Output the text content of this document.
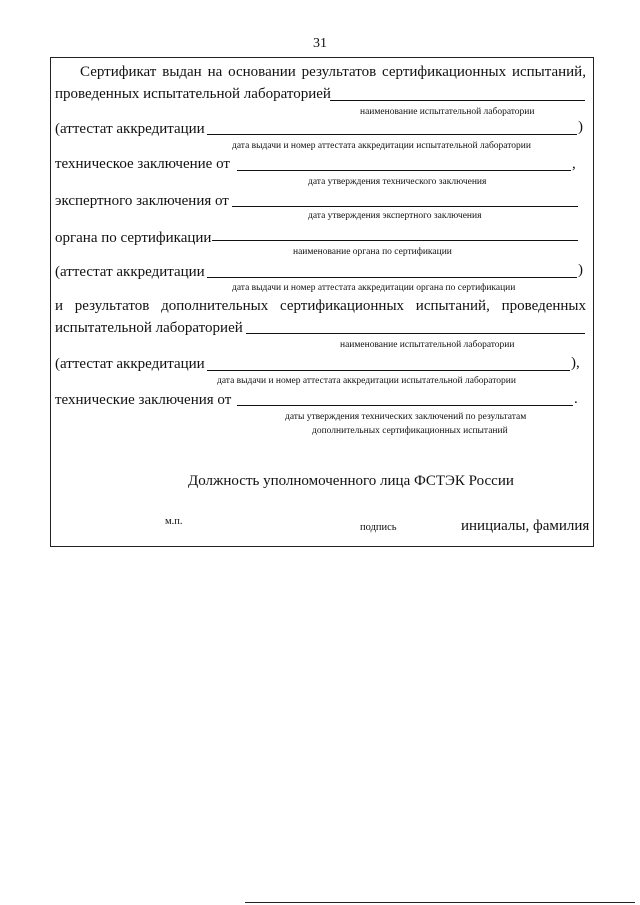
31
Сертификат выдан на основании результатов сертификационных испытаний,
проведенных испытательной лабораторией
наименование испытательной лаборатории
(аттестат аккредитации	)
дата выдачи и номер аттестата аккредитации испытательной лаборатории
техническое заключение от	,
дата утверждения технического заключения
экспертного заключения от
дата утверждения экспертного заключения
органа по сертификации
наименование органа по сертификации
(аттестат аккредитации	)
дата выдачи и номер аттестата аккредитации органа по сертификации
и результатов дополнительных сертификационных испытаний, проведенных
испытательной лабораторией
наименование испытательной лаборатории
(аттестат аккредитации	),
дата выдачи и номер аттестата аккредитации испытательной лаборатории
технические заключения от	.
даты утверждения технических заключений по результатам
дополнительных сертификационных испытаний
Должность уполномоченного лица ФСТЭК России
м.п.
подпись	инициалы, фамилия
